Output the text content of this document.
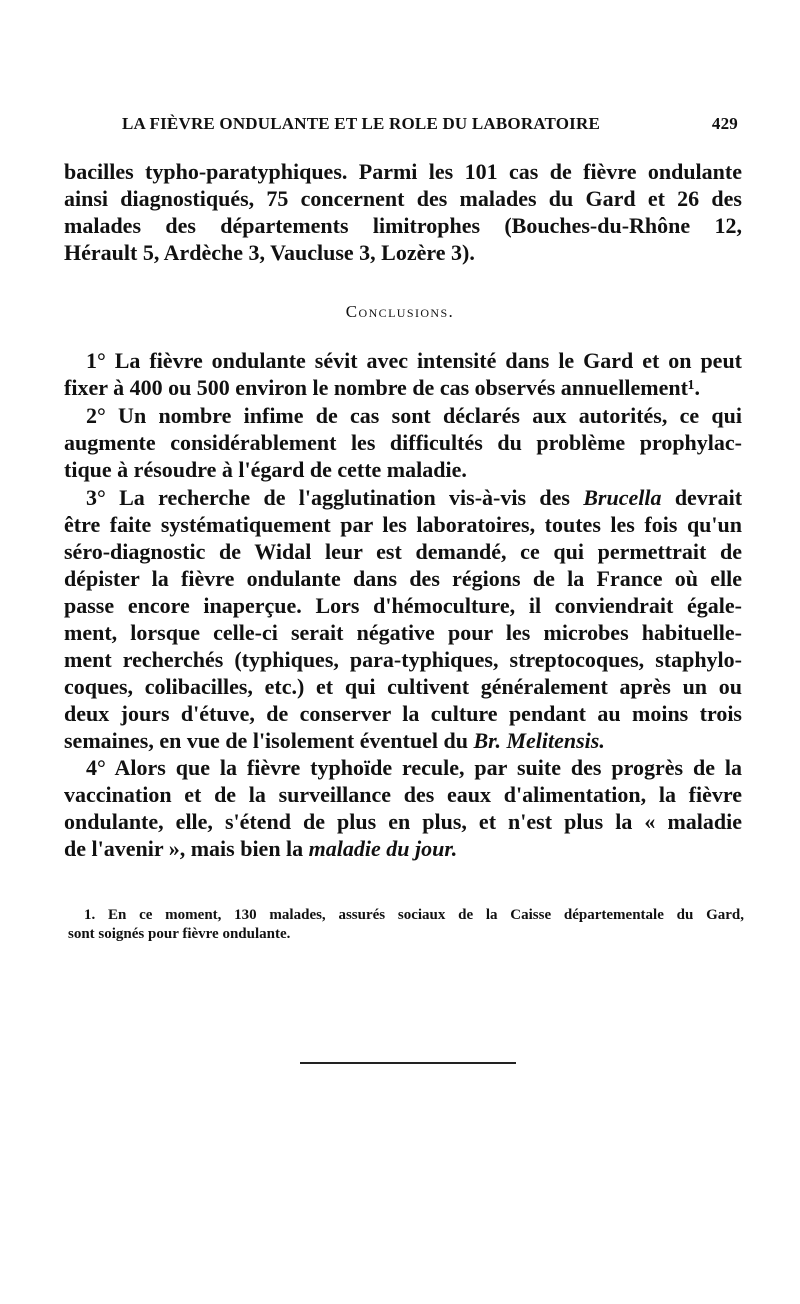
LA FIÈVRE ONDULANTE ET LE ROLE DU LABORATOIRE	429
bacilles typho-paratyphiques. Parmi les 101 cas de fièvre ondulante
ainsi diagnostiqués, 75 concernent des malades du Gard et 26 des
malades des départements limitrophes (Bouches-du-Rhône 12,
Hérault 5, Ardèche 3, Vaucluse 3, Lozère 3).
Conclusions.
1° La fièvre ondulante sévit avec intensité dans le Gard et on peut
fixer à 400 ou 500 environ le nombre de cas observés annuellement¹.
2° Un nombre infime de cas sont déclarés aux autorités, ce qui
augmente considérablement les difficultés du problème prophylac-
tique à résoudre à l'égard de cette maladie.
3° La recherche de l'agglutination vis-à-vis des Brucella devrait
être faite systématiquement par les laboratoires, toutes les fois qu'un
séro-diagnostic de Widal leur est demandé, ce qui permettrait de
dépister la fièvre ondulante dans des régions de la France où elle
passe encore inaperçue. Lors d'hémoculture, il conviendrait égale-
ment, lorsque celle-ci serait négative pour les microbes habituelle-
ment recherchés (typhiques, para-typhiques, streptocoques, staphylo-
coques, colibacilles, etc.) et qui cultivent généralement après un ou
deux jours d'étuve, de conserver la culture pendant au moins trois
semaines, en vue de l'isolement éventuel du Br. Melitensis.
4° Alors que la fièvre typhoïde recule, par suite des progrès de la
vaccination et de la surveillance des eaux d'alimentation, la fièvre
ondulante, elle, s'étend de plus en plus, et n'est plus la « maladie
de l'avenir », mais bien la maladie du jour.
1. En ce moment, 130 malades, assurés sociaux de la Caisse départementale du Gard,
sont soignés pour fièvre ondulante.
